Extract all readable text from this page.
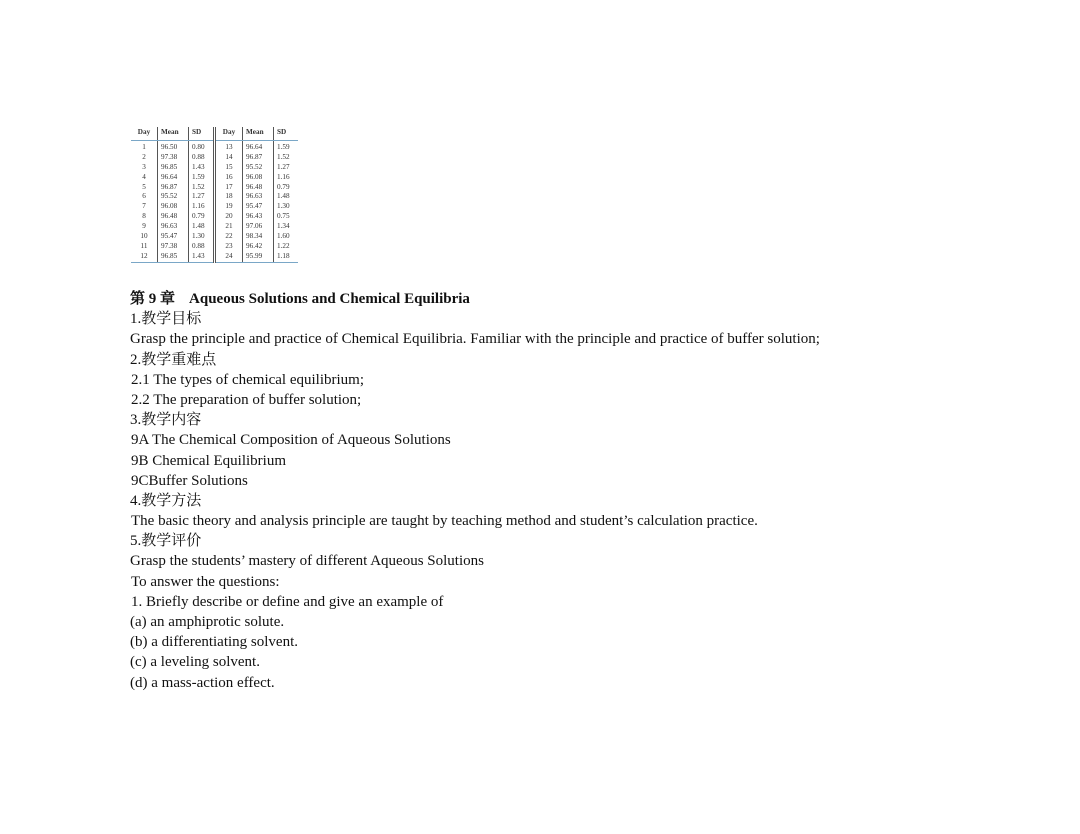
Day	Mean	SD	Day	Mean	SD
1	96.50	0.80	13	96.64	1.59
2	97.38	0.88	14	96.87	1.52
3	96.85	1.43	15	95.52	1.27
4	96.64	1.59	16	96.08	1.16
5	96.87	1.52	17	96.48	0.79
6	95.52	1.27	18	96.63	1.48
7	96.08	1.16	19	95.47	1.30
8	96.48	0.79	20	96.43	0.75
9	96.63	1.48	21	97.06	1.34
10	95.47	1.30	22	98.34	1.60
11	97.38	0.88	23	96.42	1.22
12	96.85	1.43	24	95.99	1.18
第 9 章 Aqueous Solutions and Chemical Equilibria
1.教学目标
Grasp the principle and practice of Chemical Equilibria. Familiar with the principle and practice of buffer solution;
2.教学重难点
2.1 The types of chemical equilibrium;
2.2 The preparation of buffer solution;
3.教学内容
9A The Chemical Composition of Aqueous Solutions
9B Chemical Equilibrium
9CBuffer Solutions
4.教学方法
The basic theory and analysis principle are taught by teaching method and student’s calculation practice.
5.教学评价
Grasp the students’ mastery of different Aqueous Solutions
To answer the questions:
1. Briefly describe or define and give an example of
(a) an amphiprotic solute.
(b) a differentiating solvent.
(c) a leveling solvent.
(d) a mass-action effect.
